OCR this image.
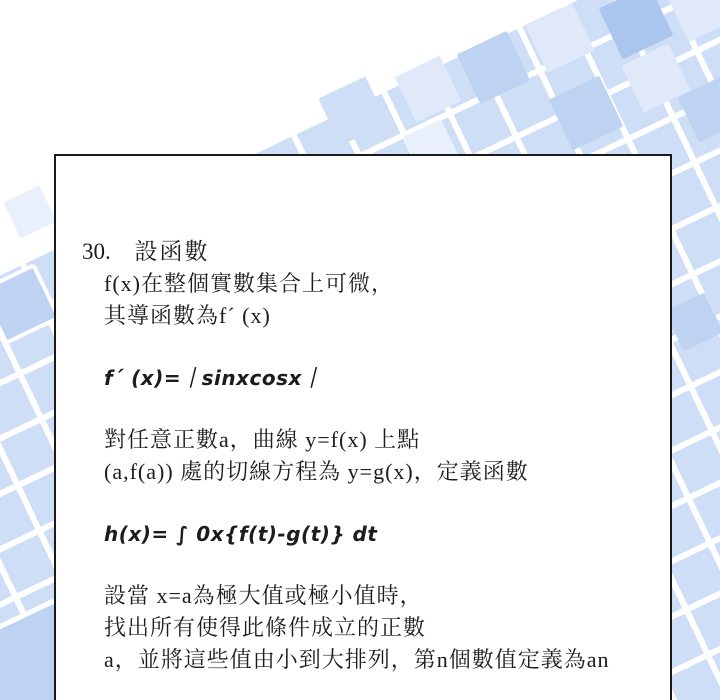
30. 設函數
f(x)在整個實數集合上可微，
其導函數為f´ (x)
f´ (x)=｜sinxcosx｜
對任意正數a，曲線 y=f(x) 上點
(a,f(a)) 處的切線方程為 y=g(x)，定義函數
h(x)= ∫ 0x{f(t)-g(t)} dt
設當 x=a為極大值或極小值時，
找出所有使得此條件成立的正數
a，並將這些值由小到大排列，第n個數值定義為an
